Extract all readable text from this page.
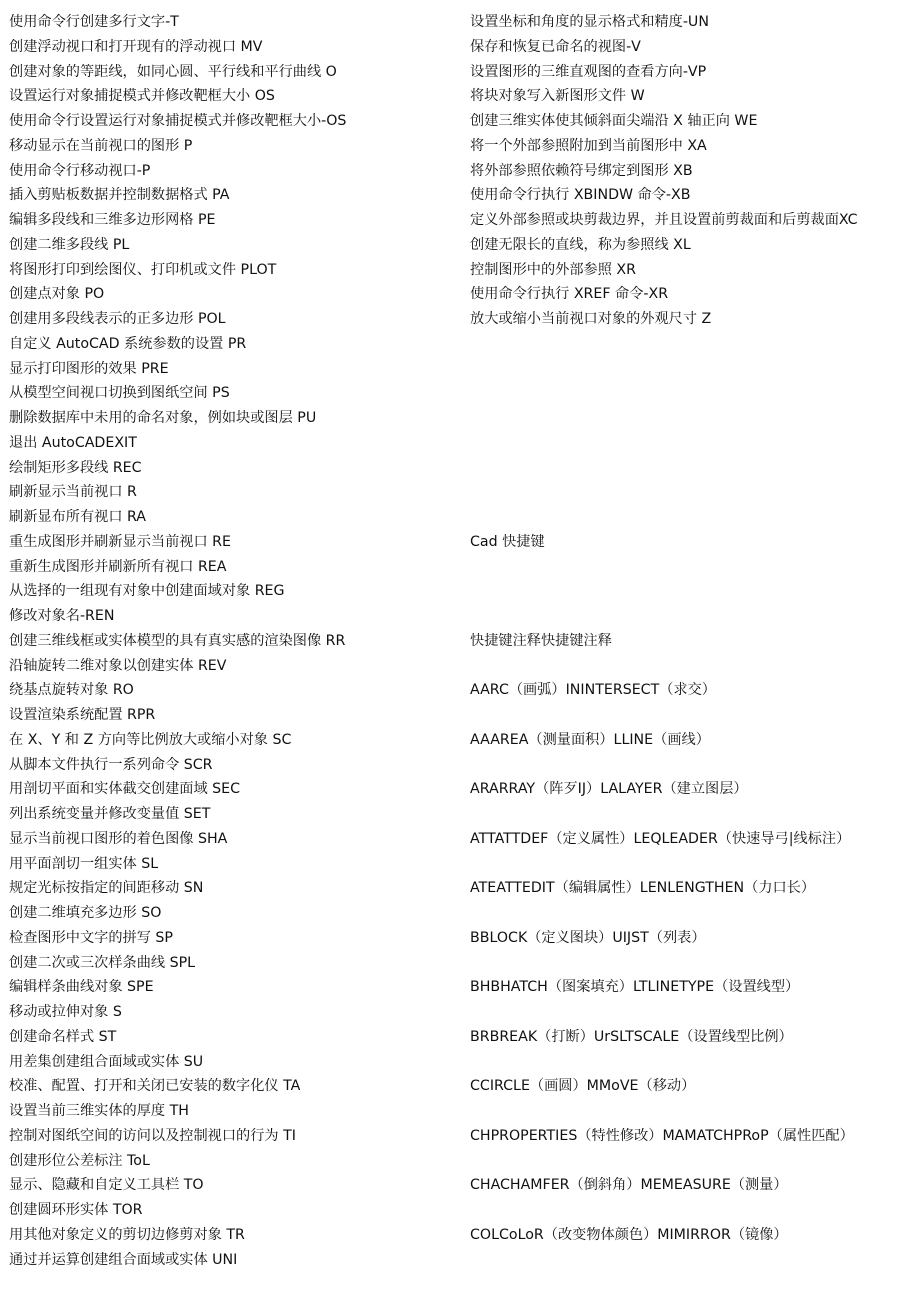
使用命令行创建多行文字-T
创建浮动视口和打开现有的浮动视口 MV
创建对象的等距线，如同心圆、平行线和平行曲线 O
设置运行对象捕捉模式并修改靶框大小 OS
使用命令行设置运行对象捕捉模式并修改靶框大小-OS
移动显示在当前视口的图形 P
使用命令行移动视口-P
插入剪贴板数据并控制数据格式 PA
编辑多段线和三维多边形网格 PE
创建二维多段线 PL
将图形打印到绘图仪、打印机或文件 PLOT
创建点对象 PO
创建用多段线表示的正多边形 POL
自定义 AutoCAD 系统参数的设置 PR
显示打印图形的效果 PRE
从模型空间视口切换到图纸空间 PS
删除数据库中未用的命名对象，例如块或图层 PU
退出 AutoCADEXIT
绘制矩形多段线 REC
刷新显示当前视口 R
刷新显布所有视口 RA
重生成图形并刷新显示当前视口 RE
重新生成图形并刷新所有视口 REA
从选择的一组现有对象中创建面域对象 REG
修改对象名-REN
创建三维线框或实体模型的具有真实感的渲染图像 RR
沿轴旋转二维对象以创建实体 REV
绕基点旋转对象 RO
设置渲染系统配置 RPR
在 X、Y 和 Z 方向等比例放大或缩小对象 SC
从脚本文件执行一系列命令 SCR
用剖切平面和实体截交创建面域 SEC
列出系统变量并修改变量值 SET
显示当前视口图形的着色图像 SHA
用平面剖切一组实体 SL
规定光标按指定的间距移动 SN
创建二维填充多边形 SO
检查图形中文字的拼写 SP
创建二次或三次样条曲线 SPL
编辑样条曲线对象 SPE
移动或拉伸对象 S
创建命名样式 ST
用差集创建组合面域或实体 SU
校准、配置、打开和关闭已安装的数字化仪 TA
设置当前三维实体的厚度 TH
控制对图纸空间的访问以及控制视口的行为 TI
创建形位公差标注 ToL
显示、隐藏和自定义工具栏 TO
创建圆环形实体 TOR
用其他对象定义的剪切边修剪对象 TR
通过并运算创建组合面域或实体 UNI
设置坐标和角度的显示格式和精度-UN
保存和恢复已命名的视图-V
设置图形的三维直观图的查看方向-VP
将块对象写入新图形文件 W
创建三维实体使其倾斜面尖端沿 X 轴正向 WE
将一个外部参照附加到当前图形中 XA
将外部参照依赖符号绑定到图形 XB
使用命令行执行 XBINDW 命令-XB
定义外部参照或块剪裁边界，并且设置前剪裁面和后剪裁面XC
创建无限长的直线，称为参照线 XL
控制图形中的外部参照 XR
使用命令行执行 XREF 命令-XR
放大或缩小当前视口对象的外观尺寸 Z
Cad 快捷键
快捷键注释快捷键注释
AARC（画弧）ININTERSECT（求交）
AAAREA（测量面积）LLINE（画线）
ARARRAY（阵歹IJ）LALAYER（建立图层）
ATTATTDEF（定义属性）LEQLEADER（快速导弓|线标注）
ATEATTEDIT（编辑属性）LENLENGTHEN（力口长）
BBLOCK（定义图块）UIJST（列表）
BHBHATCH（图案填充）LTLINETYPE（设置线型）
BRBREAK（打断）UrSLTSCALE（设置线型比例）
CCIRCLE（画圆）MMoVE（移动）
CHPROPERTIES（特性修改）MAMATCHPRoP（属性匹配）
CHACHAMFER（倒斜角）MEMEASURE（测量）
COLCoLoR（改变物体颜色）MIMIRROR（镜像）
